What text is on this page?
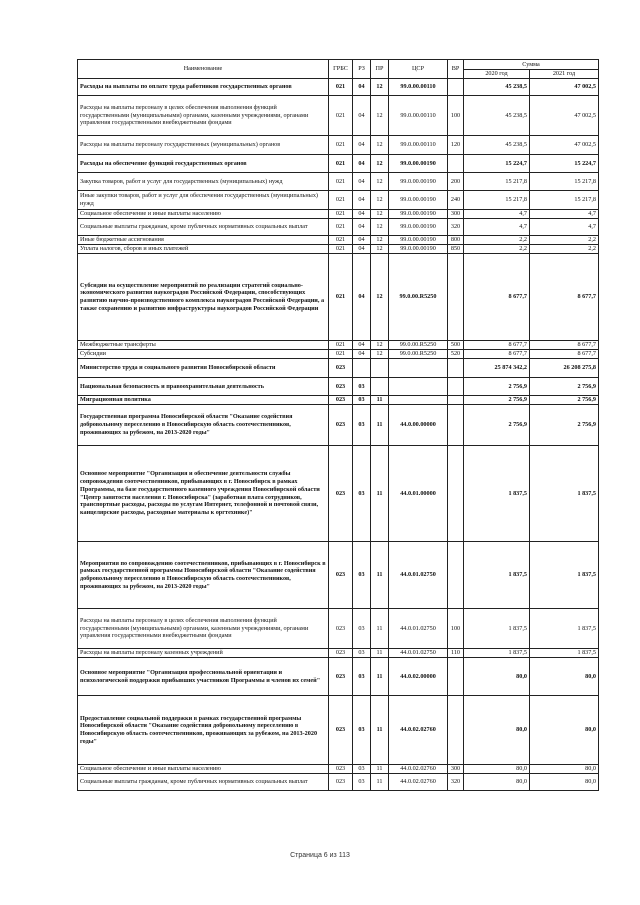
Наименование	ГРБС	РЗ	ПР	ЦСР	ВР	Сумма	
						2020 год	2021 год
Расходы на выплаты по оплате труда работников государственных органов	021	04	12	99.0.00.00110		45 238,5	47 002,5
Расходы на выплаты персоналу в целях обеспечения выполнения функций государственными (муниципальными) органами, казенными учреждениями, органами управления государственными внебюджетными фондами	021	04	12	99.0.00.00110	100	45 238,5	47 002,5
Расходы на выплаты персоналу государственных (муниципальных) органов	021	04	12	99.0.00.00110	120	45 238,5	47 002,5
Расходы на обеспечение функций государственных органов	021	04	12	99.0.00.00190		15 224,7	15 224,7
Закупка товаров, работ и услуг для государственных (муниципальных) нужд	021	04	12	99.0.00.00190	200	15 217,8	15 217,8
Иные закупки товаров, работ и услуг для обеспечения государственных (муниципальных) нужд	021	04	12	99.0.00.00190	240	15 217,8	15 217,8
Социальное обеспечение и иные выплаты населению	021	04	12	99.0.00.00190	300	4,7	4,7
Социальные выплаты гражданам, кроме публичных нормативных социальных выплат	021	04	12	99.0.00.00190	320	4,7	4,7
Иные бюджетные ассигнования	021	04	12	99.0.00.00190	800	2,2	2,2
Уплата налогов, сборов и иных платежей	021	04	12	99.0.00.00190	850	2,2	2,2
Субсидии на осуществление мероприятий по реализации стратегий социально-экономического развития наукоградов Российской Федерации, способствующих развитию научно-производственного комплекса наукоградов Российской Федерации, а также сохранению и развитию инфраструктуры наукоградов Российской Федерации	021	04	12	99.0.00.R5250		8 677,7	8 677,7
Межбюджетные трансферты	021	04	12	99.0.00.R5250	500	8 677,7	8 677,7
Субсидии	021	04	12	99.0.00.R5250	520	8 677,7	8 677,7
Министерство труда и социального развития Новосибирской области	023					25 874 342,2	26 208 275,8
Национальная безопасность и правоохранительная деятельность	023	03				2 756,9	2 756,9
Миграционная политика	023	03	11			2 756,9	2 756,9
Государственная программа Новосибирской области "Оказание содействия добровольному переселению в Новосибирскую область соотечественников, проживающих за рубежом, на 2013-2020 годы"	023	03	11	44.0.00.00000		2 756,9	2 756,9
Основное мероприятие "Организация и обеспечение деятельности службы сопровождения соотечественников, прибывающих в г. Новосибирск в рамках Программы, на базе государственного казенного учреждения Новосибирской области "Центр занятости населения г. Новосибирска" (заработная плата сотрудников, транспортные расходы, расходы по услугам Интернет, телефонной и почтовой связи, канцелярские расходы, расходные материалы к оргтехнике)"	023	03	11	44.0.01.00000		1 837,5	1 837,5
Мероприятия по сопровождению соотечественников, прибывающих в г. Новосибирск в рамках государственной программы Новосибирской области "Оказание содействия добровольному переселению в Новосибирскую область соотечественников, проживающих за рубежом, на 2013-2020 годы"	023	03	11	44.0.01.02750		1 837,5	1 837,5
Расходы на выплаты персоналу в целях обеспечения выполнения функций государственными (муниципальными) органами, казенными учреждениями, органами управления государственными внебюджетными фондами	023	03	11	44.0.01.02750	100	1 837,5	1 837,5
Расходы на выплаты персоналу казенных учреждений	023	03	11	44.0.01.02750	110	1 837,5	1 837,5
Основное мероприятие "Организация профессиональной ориентации и психологической поддержки прибывших участников Программы и членов их семей"	023	03	11	44.0.02.00000		80,0	80,0
Предоставление социальной поддержки в рамках государственной программы Новосибирской области "Оказание содействия добровольному переселению в Новосибирскую область соотечественников, проживающих за рубежом, на 2013-2020 годы"	023	03	11	44.0.02.02760		80,0	80,0
Социальное обеспечение и иные выплаты населению	023	03	11	44.0.02.02760	300	80,0	80,0
Социальные выплаты гражданам, кроме публичных нормативных социальных выплат	023	03	11	44.0.02.02760	320	80,0	80,0
Страница 6 из 113
